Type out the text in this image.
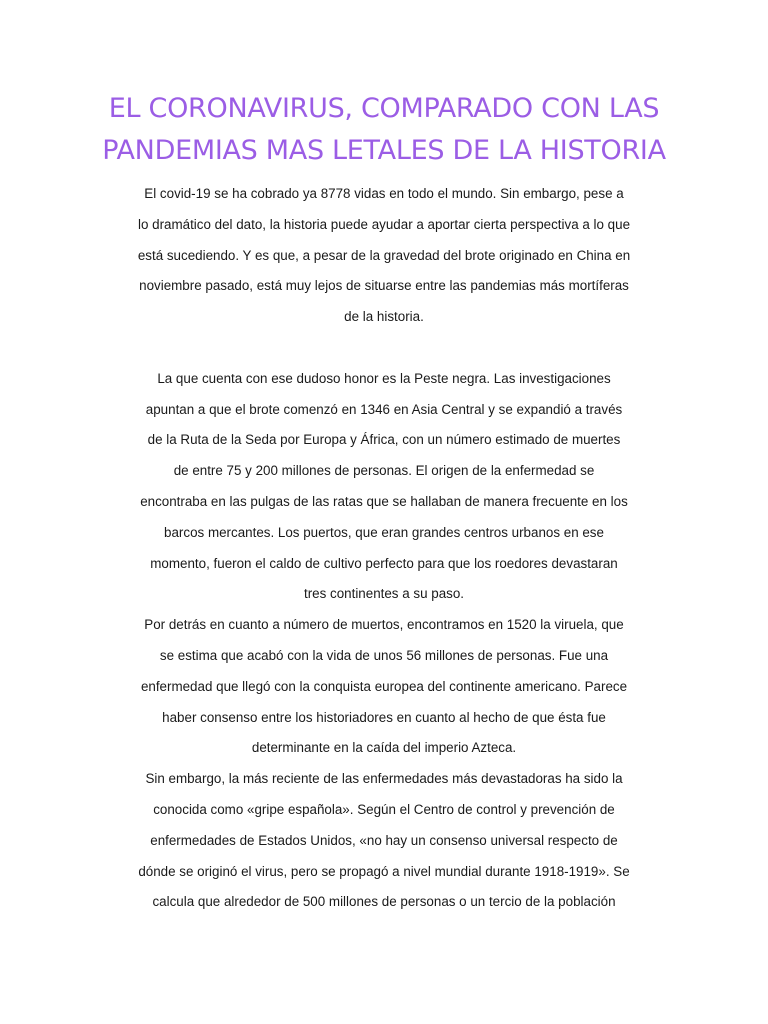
EL CORONAVIRUS, COMPARADO CON LAS
PANDEMIAS MAS LETALES DE LA HISTORIA
El covid-19 se ha cobrado ya 8778 vidas en todo el mundo. Sin embargo, pese a
lo dramático del dato, la historia puede ayudar a aportar cierta perspectiva a lo que
está sucediendo. Y es que, a pesar de la gravedad del brote originado en China en
noviembre pasado, está muy lejos de situarse entre las pandemias más mortíferas
de la historia.
La que cuenta con ese dudoso honor es la Peste negra. Las investigaciones
apuntan a que el brote comenzó en 1346 en Asia Central y se expandió a través
de la Ruta de la Seda por Europa y África, con un número estimado de muertes
de entre 75 y 200 millones de personas. El origen de la enfermedad se
encontraba en las pulgas de las ratas que se hallaban de manera frecuente en los
barcos mercantes. Los puertos, que eran grandes centros urbanos en ese
momento, fueron el caldo de cultivo perfecto para que los roedores devastaran
tres continentes a su paso.
Por detrás en cuanto a número de muertos, encontramos en 1520 la viruela, que
se estima que acabó con la vida de unos 56 millones de personas. Fue una
enfermedad que llegó con la conquista europea del continente americano. Parece
haber consenso entre los historiadores en cuanto al hecho de que ésta fue
determinante en la caída del imperio Azteca.
Sin embargo, la más reciente de las enfermedades más devastadoras ha sido la
conocida como «gripe española». Según el Centro de control y prevención de
enfermedades de Estados Unidos, «no hay un consenso universal respecto de
dónde se originó el virus, pero se propagó a nivel mundial durante 1918-1919». Se
calcula que alrededor de 500 millones de personas o un tercio de la población
